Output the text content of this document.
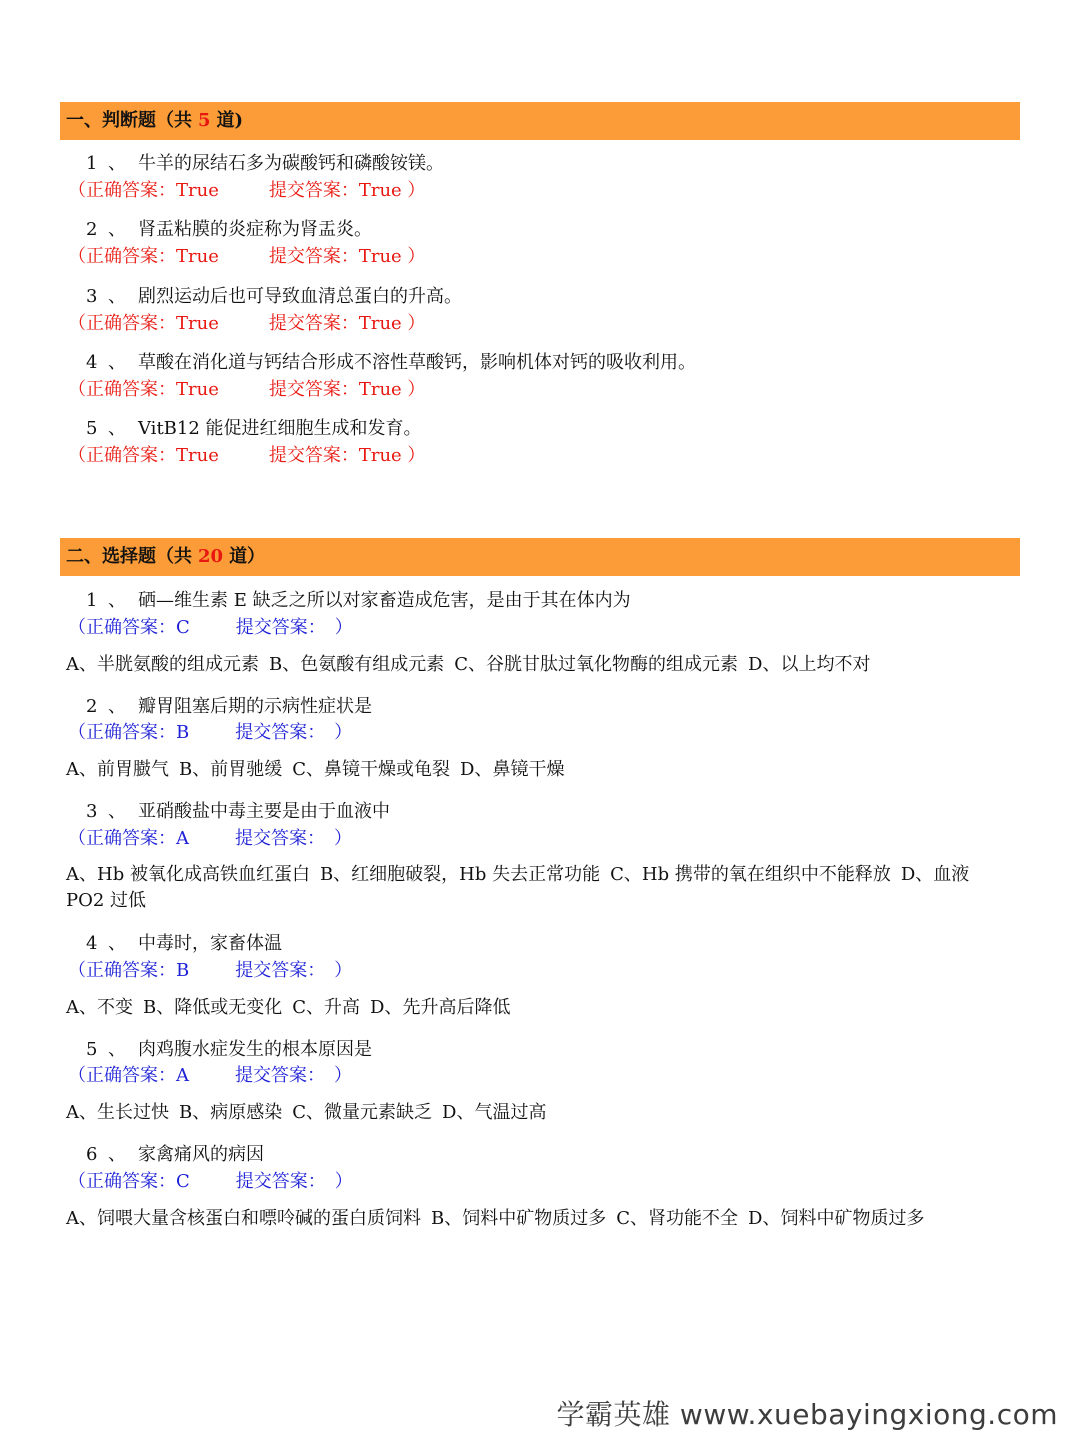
一、判断题（共 5 道)
1 、 牛羊的尿结石多为碳酸钙和磷酸铵镁。
（正确答案：True	提交答案：True ）
2 、 肾盂粘膜的炎症称为肾盂炎。
（正确答案：True	提交答案：True ）
3 、 剧烈运动后也可导致血清总蛋白的升高。
（正确答案：True	提交答案：True ）
4 、 草酸在消化道与钙结合形成不溶性草酸钙，影响机体对钙的吸收利用。
（正确答案：True	提交答案：True ）
5 、 VitB12 能促进红细胞生成和发育。
（正确答案：True	提交答案：True ）
二、选择题（共 20 道）
1 、 硒—维生素 E 缺乏之所以对家畜造成危害，是由于其在体内为
（正确答案：C	提交答案：　）
A、半胱氨酸的组成元素 B、色氨酸有组成元素 C、谷胱甘肽过氧化物酶的组成元素 D、以上均不对
2 、 瓣胃阻塞后期的示病性症状是
（正确答案：B	提交答案：　）
A、前胃臌气 B、前胃驰缓 C、鼻镜干燥或龟裂 D、鼻镜干燥
3 、 亚硝酸盐中毒主要是由于血液中
（正确答案：A	提交答案：　）
A、Hb 被氧化成高铁血红蛋白 B、红细胞破裂，Hb 失去正常功能 C、Hb 携带的氧在组织中不能释放 D、血液 PO2 过低
4 、 中毒时，家畜体温
（正确答案：B	提交答案：　）
A、不变 B、降低或无变化 C、升高 D、先升高后降低
5 、 肉鸡腹水症发生的根本原因是
（正确答案：A	提交答案：　）
A、生长过快 B、病原感染 C、微量元素缺乏 D、气温过高
6 、 家禽痛风的病因
（正确答案：C	提交答案：　）
A、饲喂大量含核蛋白和嘌呤碱的蛋白质饲料 B、饲料中矿物质过多 C、肾功能不全 D、饲料中矿物质过多
学霸英雄 www.xuebayingxiong.com
